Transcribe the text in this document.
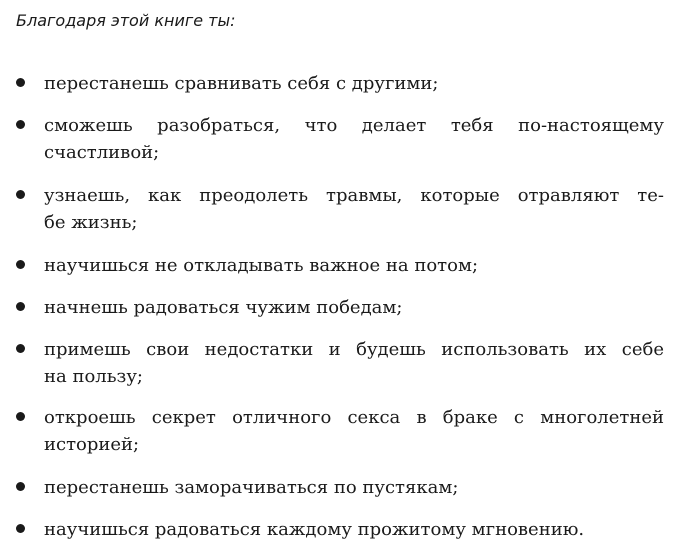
Благодаря этой книге ты:
перестанешь сравнивать себя с другими;
сможешь разобраться, что делает тебя по-настоящему
счастливой;
узнаешь, как преодолеть травмы, которые отравляют те-
бе жизнь;
научишься не откладывать важное на потом;
начнешь радоваться чужим победам;
примешь свои недостатки и будешь использовать их себе
на пользу;
откроешь секрет отличного секса в браке с многолетней
историей;
перестанешь заморачиваться по пустякам;
научишься радоваться каждому прожитому мгновению.
